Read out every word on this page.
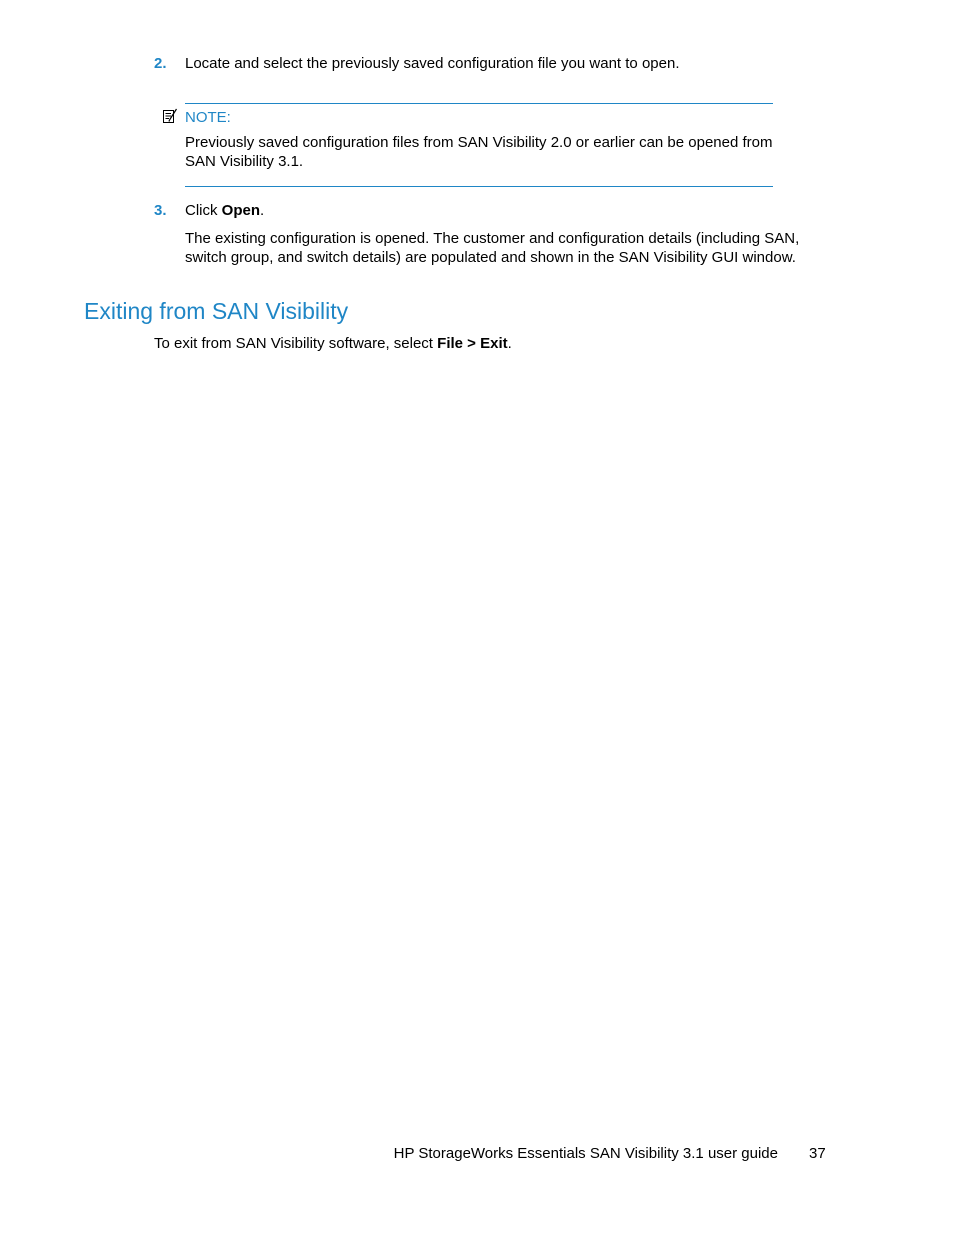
2. Locate and select the previously saved configuration file you want to open.
NOTE:
Previously saved configuration files from SAN Visibility 2.0 or earlier can be opened from
SAN Visibility 3.1.
3. Click Open.
The existing configuration is opened. The customer and configuration details (including SAN,
switch group, and switch details) are populated and shown in the SAN Visibility GUI window.
Exiting from SAN Visibility
To exit from SAN Visibility software, select File > Exit.
HP StorageWorks Essentials SAN Visibility 3.1 user guide 37
